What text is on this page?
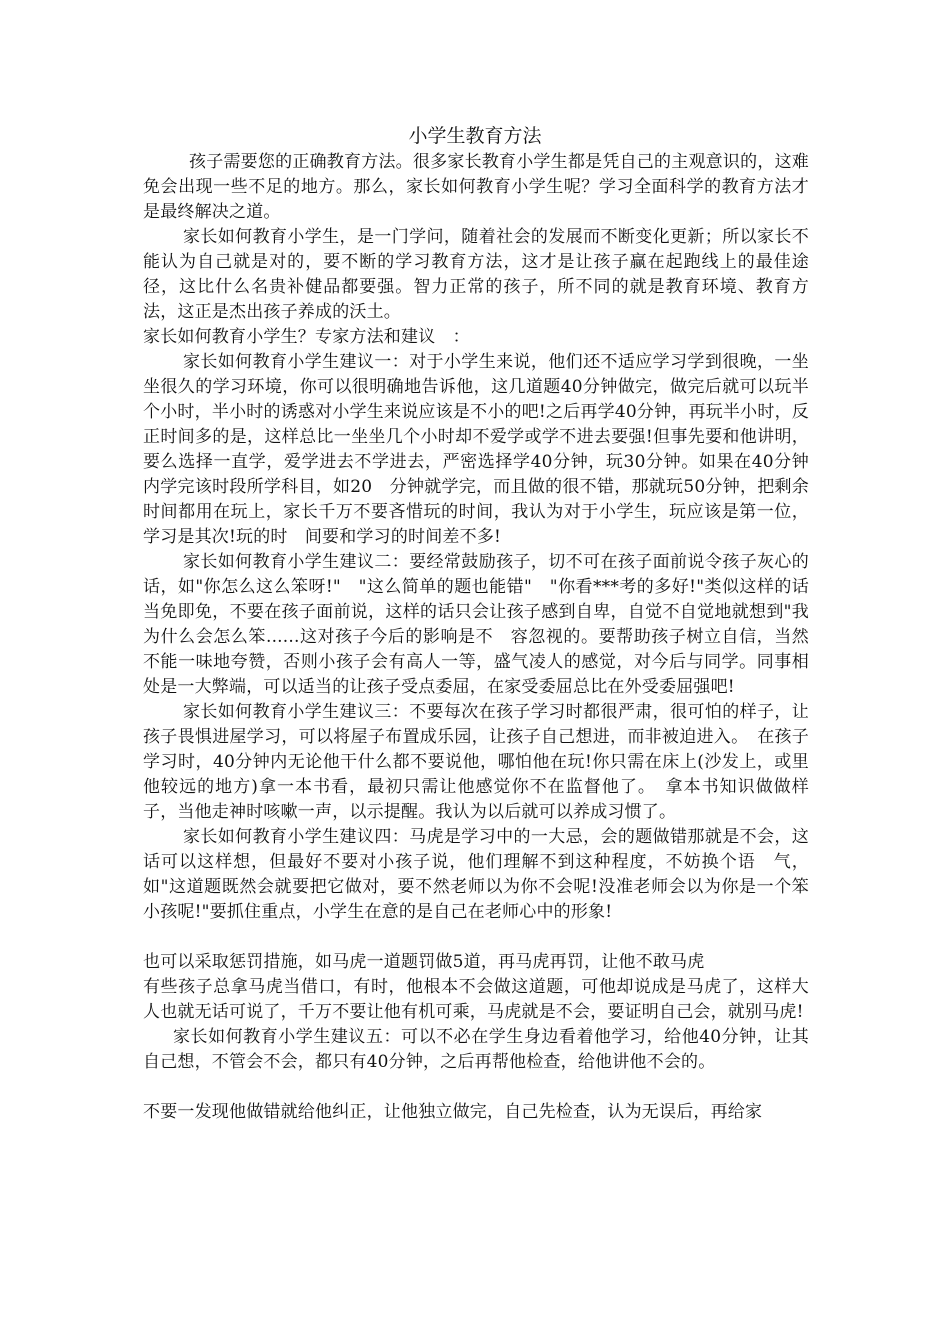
小学生教育方法

孩子需要您的正确教育方法。很多家长教育小学生都是凭自己的主观意识的，这难免会出现一些不足的地方。那么，家长如何教育小学生呢？学习全面科学的教育方法才是最终解决之道。

家长如何教育小学生，是一门学问，随着社会的发展而不断变化更新；所以家长不能认为自己就是对的，要不断的学习教育方法，这才是让孩子赢在起跑线上的最佳途径，这比什么名贵补健品都要强。智力正常的孩子，所不同的就是教育环境、教育方法，这正是杰出孩子养成的沃土。

家长如何教育小学生？专家方法和建议　：

家长如何教育小学生建议一：对于小学生来说，他们还不适应学习学到很晚，一坐坐很久的学习环境，你可以很明确地告诉他，这几道题40分钟做完，做完后就可以玩半个小时，半小时的诱惑对小学生来说应该是不小的吧!之后再学40分钟，再玩半小时，反正时间多的是，这样总比一坐坐几个小时却不爱学或学不进去要强!但事先要和他讲明，要么选择一直学，爱学进去不学进去，严密选择学40分钟，玩30分钟。如果在40分钟内学完该时段所学科目，如20　分钟就学完，而且做的很不错，那就玩50分钟，把剩余时间都用在玩上，家长千万不要吝惜玩的时间，我认为对于小学生，玩应该是第一位，学习是其次!玩的时　间要和学习的时间差不多!

家长如何教育小学生建议二：要经常鼓励孩子，切不可在孩子面前说令孩子灰心的话，如"你怎么这么笨呀!"　"这么简单的题也能错"　"你看***考的多好!"类似这样的话当免即免，不要在孩子面前说，这样的话只会让孩子感到自卑，自觉不自觉地就想到"我为什么会怎么笨......这对孩子今后的影响是不　容忽视的。要帮助孩子树立自信，当然不能一味地夸赞，否则小孩子会有高人一等，盛气凌人的感觉，对今后与同学。同事相处是一大弊端，可以适当的让孩子受点委屈，在家受委屈总比在外受委屈强吧!

家长如何教育小学生建议三：不要每次在孩子学习时都很严肃，很可怕的样子，让孩子畏惧进屋学习，可以将屋子布置成乐园，让孩子自己想进，而非被迫进入。　在孩子学习时，40分钟内无论他干什么都不要说他，哪怕他在玩!你只需在床上(沙发上，或里他较远的地方)拿一本书看，最初只需让他感觉你不在监督他了。　拿本书知识做做样子，当他走神时咳嗽一声，以示提醒。我认为以后就可以养成习惯了。

家长如何教育小学生建议四：马虎是学习中的一大忌，会的题做错那就是不会，这话可以这样想，但最好不要对小孩子说，他们理解不到这种程度，不妨换个语　气，如"这道题既然会就要把它做对，要不然老师以为你不会呢!没准老师会以为你是一个笨小孩呢!"要抓住重点，小学生在意的是自己在老师心中的形象!

也可以采取惩罚措施，如马虎一道题罚做5道，再马虎再罚，让他不敢马虎

有些孩子总拿马虎当借口，有时，他根本不会做这道题，可他却说成是马虎了，这样大人也就无话可说了，千万不要让他有机可乘，马虎就是不会，要证明自己会，就别马虎!

家长如何教育小学生建议五：可以不必在学生身边看着他学习，给他40分钟，让其自己想，不管会不会，都只有40分钟，之后再帮他检查，给他讲他不会的。

不要一发现他做错就给他纠正，让他独立做完，自己先检查，认为无误后，再给家
